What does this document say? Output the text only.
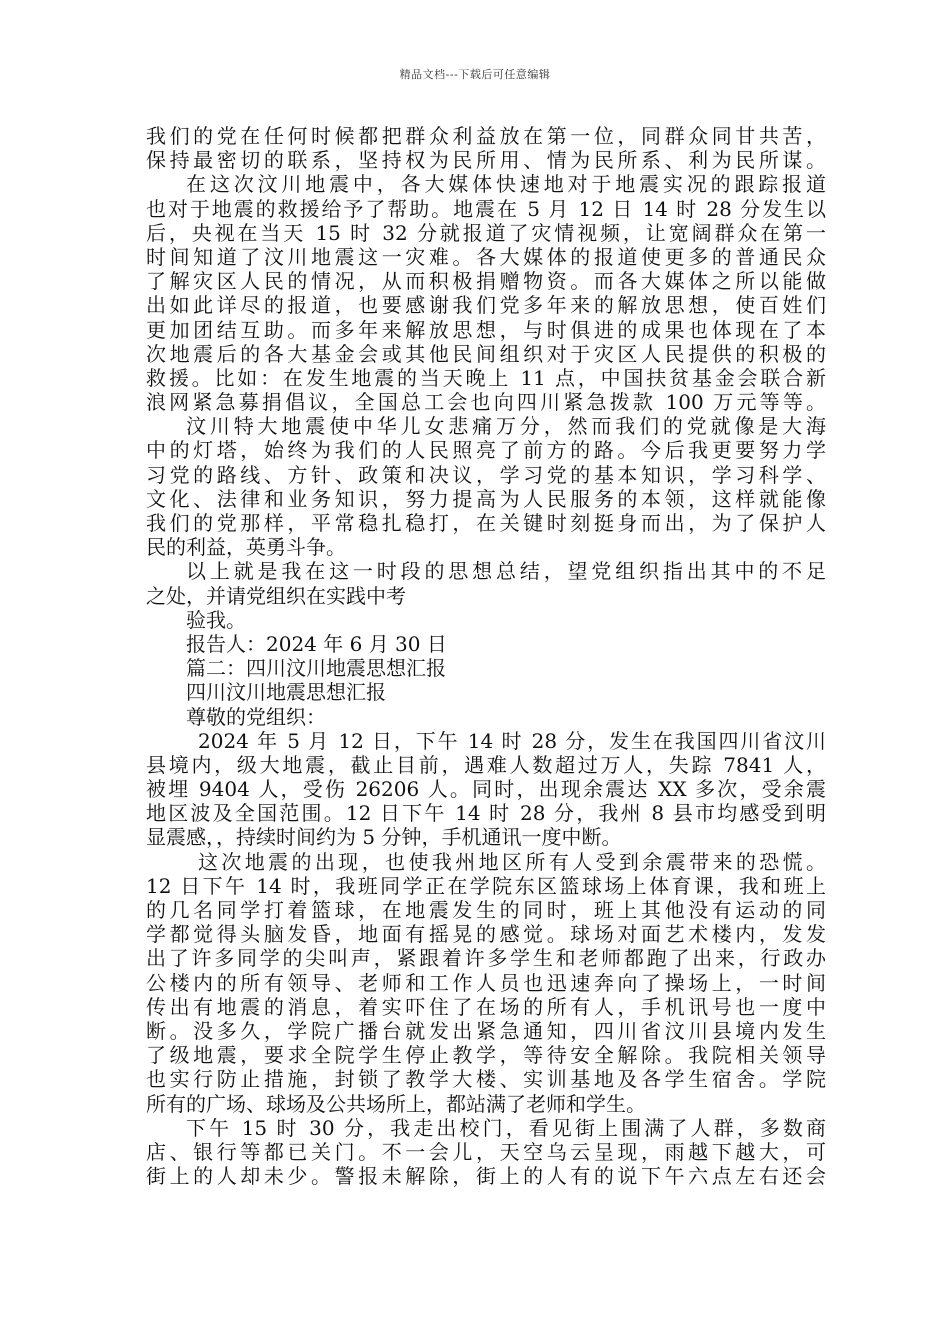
精品文档---下载后可任意编辑
我们的党在任何时候都把群众利益放在第一位，同群众同甘共苦，
保持最密切的联系，坚持权为民所用、情为民所系、利为民所谋。
在这次汶川地震中，各大媒体快速地对于地震实况的跟踪报道
也对于地震的救援给予了帮助。地震在 5 月 12 日 14 时 28 分发生以
后，央视在当天 15 时 32 分就报道了灾情视频，让宽阔群众在第一
时间知道了汶川地震这一灾难。各大媒体的报道使更多的普通民众
了解灾区人民的情况，从而积极捐赠物资。而各大媒体之所以能做
出如此详尽的报道，也要感谢我们党多年来的解放思想，使百姓们
更加团结互助。而多年来解放思想，与时俱进的成果也体现在了本
次地震后的各大基金会或其他民间组织对于灾区人民提供的积极的
救援。比如：在发生地震的当天晚上 11 点，中国扶贫基金会联合新
浪网紧急募捐倡议，全国总工会也向四川紧急拨款 100 万元等等。
汶川特大地震使中华儿女悲痛万分，然而我们的党就像是大海
中的灯塔，始终为我们的人民照亮了前方的路。今后我更要努力学
习党的路线、方针、政策和决议，学习党的基本知识，学习科学、
文化、法律和业务知识，努力提高为人民服务的本领，这样就能像
我们的党那样，平常稳扎稳打，在关键时刻挺身而出，为了保护人
民的利益，英勇斗争。
以上就是我在这一时段的思想总结，望党组织指出其中的不足
之处，并请党组织在实践中考
验我。
报告人：2024 年 6 月 30 日
篇二：四川汶川地震思想汇报
四川汶川地震思想汇报
尊敬的党组织：
2024 年 5 月 12 日，下午 14 时 28 分，发生在我国四川省汶川
县境内，级大地震，截止目前，遇难人数超过万人，失踪 7841 人，
被埋 9404 人，受伤 26206 人。同时，出现余震达 XX 多次，受余震
地区波及全国范围。12 日下午 14 时 28 分，我州 8 县市均感受到明
显震感，，持续时间约为 5 分钟，手机通讯一度中断。
这次地震的出现，也使我州地区所有人受到余震带来的恐慌。
12 日下午 14 时，我班同学正在学院东区篮球场上体育课，我和班上
的几名同学打着篮球，在地震发生的同时，班上其他没有运动的同
学都觉得头脑发昏，地面有摇晃的感觉。球场对面艺术楼内，发发
出了许多同学的尖叫声，紧跟着许多学生和老师都跑了出来，行政办
公楼内的所有领导、老师和工作人员也迅速奔向了操场上，一时间
传出有地震的消息，着实吓住了在场的所有人，手机讯号也一度中
断。没多久，学院广播台就发出紧急通知，四川省汶川县境内发生
了级地震，要求全院学生停止教学，等待安全解除。我院相关领导
也实行防止措施，封锁了教学大楼、实训基地及各学生宿舍。学院
所有的广场、球场及公共场所上，都站满了老师和学生。
下午 15 时 30 分，我走出校门，看见街上围满了人群，多数商
店、银行等都已关门。不一会儿，天空乌云呈现，雨越下越大，可
街上的人却未少。警报未解除，街上的人有的说下午六点左右还会
